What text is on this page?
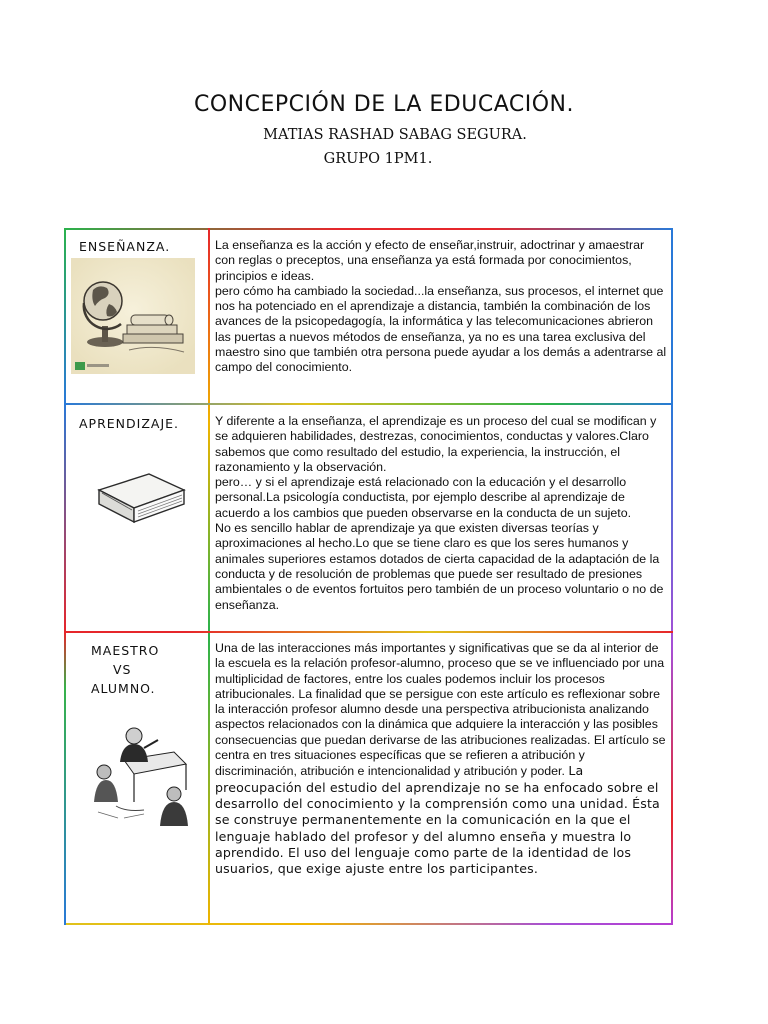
CONCEPCIÓN DE LA EDUCACIÓN.
MATIAS RASHAD SABAG SEGURA.
GRUPO 1PM1.
ENSEÑANZA.	La enseñanza es la acción y efecto de enseñar,instruir, adoctrinar y amaestrar con reglas o preceptos, una enseñanza ya está formada por conocimientos, principios e ideas.

pero cómo ha cambiado la sociedad...la enseñanza, sus procesos, el internet que nos ha potenciado en el aprendizaje a distancia, también la combinación de los avances de la psicopedagogía, la informática y las telecomunicaciones abrieron las puertas a nuevos métodos de enseñanza, ya no es una tarea exclusiva del maestro sino que también otra persona puede ayudar a los demás a adentrarse al campo del conocimiento.

APRENDIZAJE.	Y diferente a la enseñanza, el aprendizaje es un proceso del cual se modifican y se adquieren habilidades, destrezas, conocimientos, conductas y valores.Claro sabemos que como resultado del estudio, la experiencia, la instrucción, el razonamiento y la observación.

pero… y si el aprendizaje está relacionado con la educación y el desarrollo personal.La psicología conductista, por ejemplo describe al aprendizaje de acuerdo a los cambios que pueden observarse en la conducta de un sujeto.

No es sencillo hablar de aprendizaje ya que existen diversas teorías y aproximaciones al hecho.Lo que se tiene claro es que los seres humanos y animales superiores estamos dotados de cierta capacidad de la adaptación de la conducta y de resolución de problemas que puede ser resultado de presiones ambientales o de eventos fortuitos pero también de un proceso voluntario o no de enseñanza.

MAESTRO
VS
ALUMNO.

Una de las interacciones más importantes y significativas que se da al interior de la escuela es la relación profesor-alumno, proceso que se ve influenciado por una multiplicidad de factores, entre los cuales podemos incluir los procesos atribucionales. La finalidad que se persigue con este artículo es reflexionar sobre la interacción profesor alumno desde una perspectiva atribucionista analizando aspectos relacionados con la dinámica que adquiere la interacción y las posibles consecuencias que puedan derivarse de las atribuciones realizadas. El artículo se centra en tres situaciones específicas que se refieren a atribución y discriminación, atribución e intencionalidad y atribución y poder. La preocupación del estudio del aprendizaje no se ha enfocado sobre el desarrollo del conocimiento y la comprensión como una unidad. Ésta se construye permanentemente en la comunicación en la que el lenguaje hablado del profesor y del alumno enseña y muestra lo aprendido. El uso del lenguaje como parte de la identidad de los usuarios, que exige ajuste entre los participantes.
